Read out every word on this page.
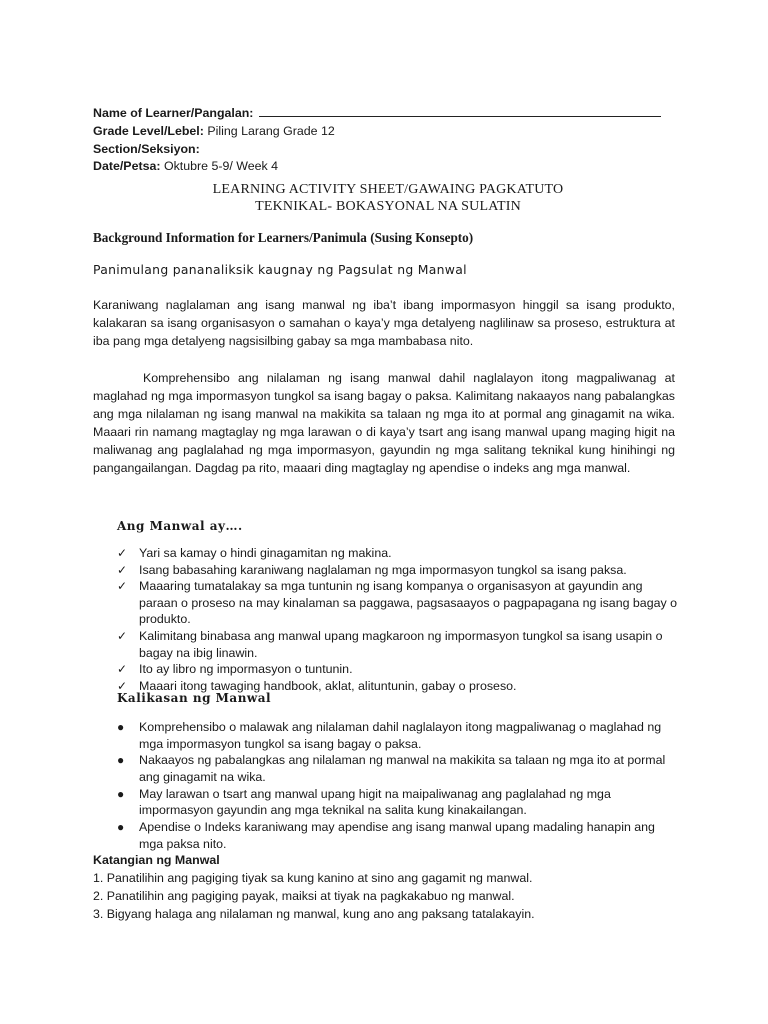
Name of Learner/Pangalan:
Grade Level/Lebel: Piling Larang Grade 12
Section/Seksiyon:
Date/Petsa: Oktubre 5-9/ Week 4
LEARNING ACTIVITY SHEET/GAWAING PAGKATUTO
TEKNIKAL- BOKASYONAL NA SULATIN
Background Information for Learners/Panimula (Susing Konsepto)
Panimulang pananaliksik kaugnay ng Pagsulat ng Manwal

Karaniwang naglalaman ang isang manwal ng iba’t ibang impormasyon hinggil sa isang produkto, kalakaran sa isang organisasyon o samahan o kaya’y mga detalyeng naglilinaw sa proseso, estruktura at iba pang mga detalyeng nagsisilbing gabay sa mga mambabasa nito.

Komprehensibo ang nilalaman ng isang manwal dahil naglalayon itong magpaliwanag at maglahad ng mga impormasyon tungkol sa isang bagay o paksa. Kalimitang nakaayos nang pabalangkas ang mga nilalaman ng isang manwal na makikita sa talaan ng mga ito at pormal ang ginagamit na wika. Maaari rin namang magtaglay ng mga larawan o di kaya’y tsart ang isang manwal upang maging higit na maliwanag ang paglalahad ng mga impormasyon, gayundin ng mga salitang teknikal kung hinihingi ng pangangailangan. Dagdag pa rito, maaari ding magtaglay ng apendise o indeks ang mga manwal.

Ang Manwal ay….
✓ Yari sa kamay o hindi ginagamitan ng makina.
✓ Isang babasahing karaniwang naglalaman ng mga impormasyon tungkol sa isang paksa.
✓ Maaaring tumatalakay sa mga tuntunin ng isang kompanya o organisasyon at gayundin ang paraan o proseso na may kinalaman sa paggawa, pagsasaayos o pagpapagana ng isang bagay o produkto.
✓ Kalimitang binabasa ang manwal upang magkaroon ng impormasyon tungkol sa isang usapin o bagay na ibig linawin.
✓ Ito ay libro ng impormasyon o tuntunin.
✓ Maaari itong tawaging handbook, aklat, alituntunin, gabay o proseso.
Kalikasan ng Manwal
● Komprehensibo o malawak ang nilalaman dahil naglalayon itong magpaliwanag o maglahad ng mga impormasyon tungkol sa isang bagay o paksa.
● Nakaayos ng pabalangkas ang nilalaman ng manwal na makikita sa talaan ng mga ito at pormal ang ginagamit na wika.
● May larawan o tsart ang manwal upang higit na maipaliwanag ang paglalahad ng mga impormasyon gayundin ang mga teknikal na salita kung kinakailangan.
● Apendise o Indeks karaniwang may apendise ang isang manwal upang madaling hanapin ang mga paksa nito.
Katangian ng Manwal
1. Panatilihin ang pagiging tiyak sa kung kanino at sino ang gagamit ng manwal.
2. Panatilihin ang pagiging payak, maiksi at tiyak na pagkakabuo ng manwal.
3. Bigyang halaga ang nilalaman ng manwal, kung ano ang paksang tatalakayin.
